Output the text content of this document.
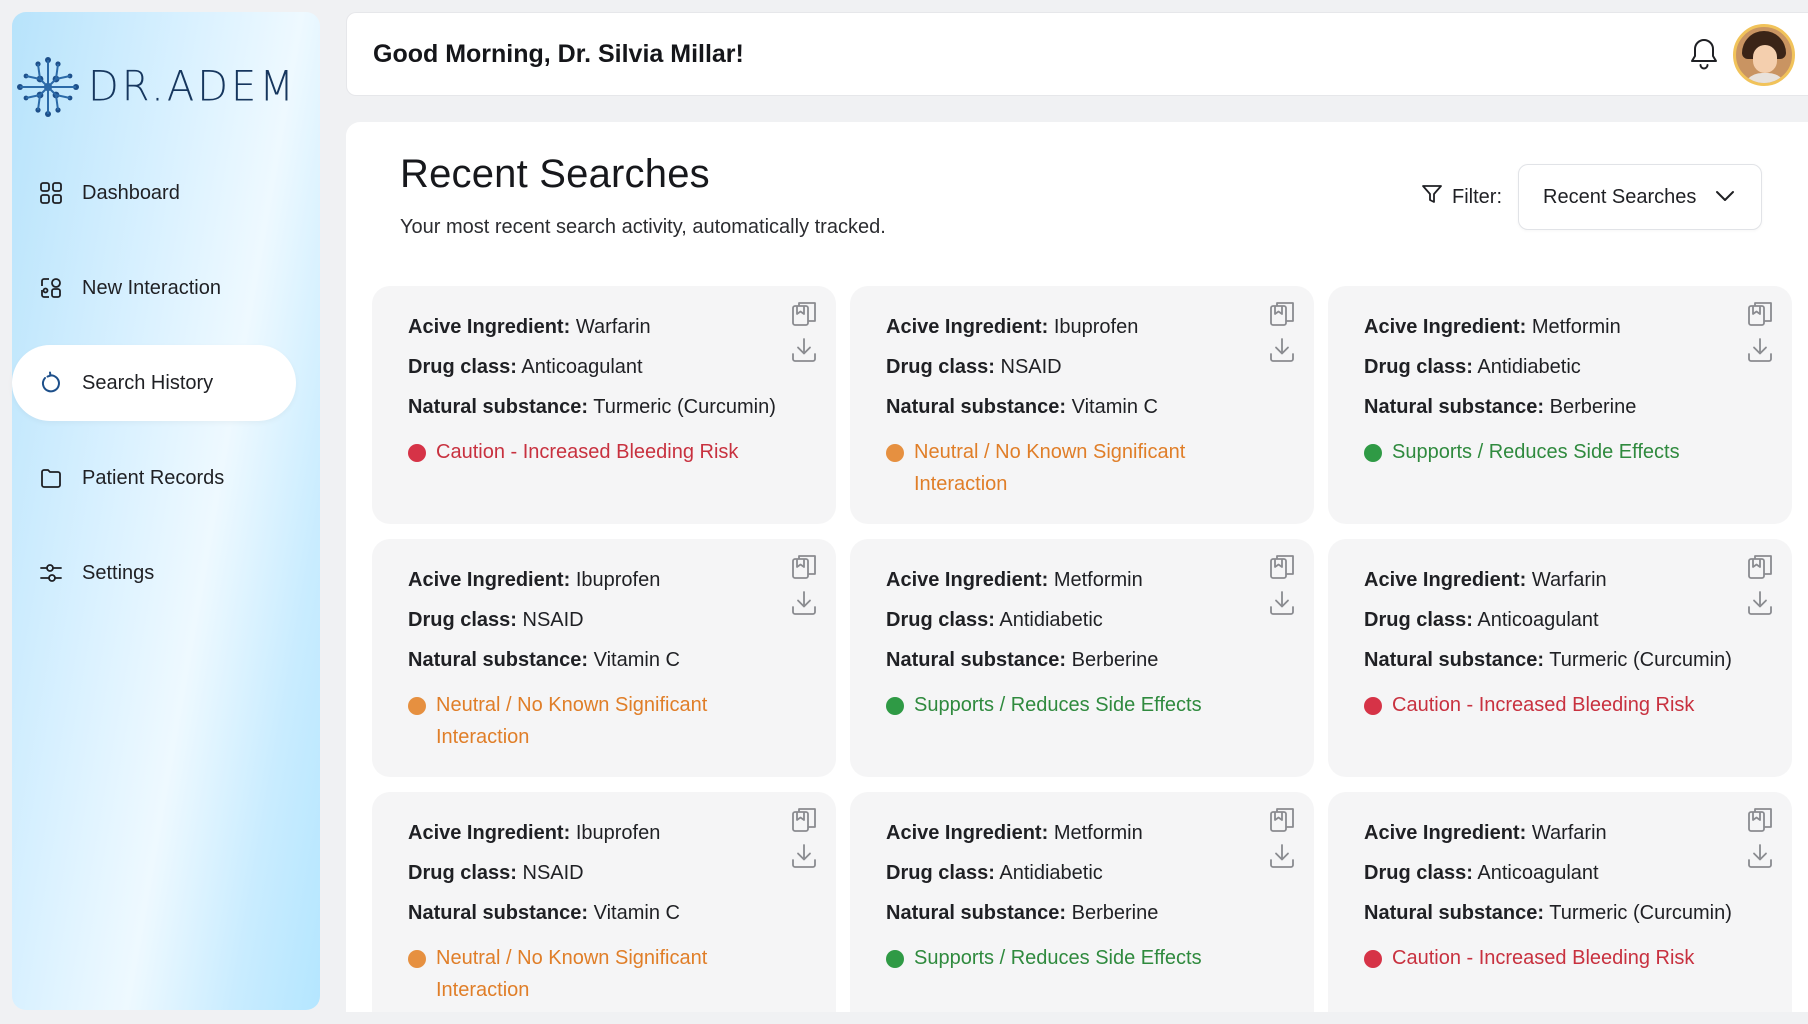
DR.ADEM
Dashboard
New Interaction
Search History
Patient Records
Settings
Good Morning, Dr. Silvia Millar!
Recent Searches

Your most recent search activity, automatically tracked.

Filter: Recent Searches
Acive Ingredient: Warfarin
Drug class: Anticoagulant
Natural substance: Turmeric (Curcumin)
Caution - Increased Bleeding Risk
Acive Ingredient: Ibuprofen
Drug class: NSAID
Natural substance: Vitamin C
Neutral / No Known Significant Interaction
Acive Ingredient: Metformin
Drug class: Antidiabetic
Natural substance: Berberine
Supports / Reduces Side Effects
Acive Ingredient: Ibuprofen
Drug class: NSAID
Natural substance: Vitamin C
Neutral / No Known Significant Interaction
Acive Ingredient: Metformin
Drug class: Antidiabetic
Natural substance: Berberine
Supports / Reduces Side Effects
Acive Ingredient: Warfarin
Drug class: Anticoagulant
Natural substance: Turmeric (Curcumin)
Caution - Increased Bleeding Risk
Acive Ingredient: Ibuprofen
Drug class: NSAID
Natural substance: Vitamin C
Neutral / No Known Significant Interaction
Acive Ingredient: Metformin
Drug class: Antidiabetic
Natural substance: Berberine
Supports / Reduces Side Effects
Acive Ingredient: Warfarin
Drug class: Anticoagulant
Natural substance: Turmeric (Curcumin)
Caution - Increased Bleeding Risk
